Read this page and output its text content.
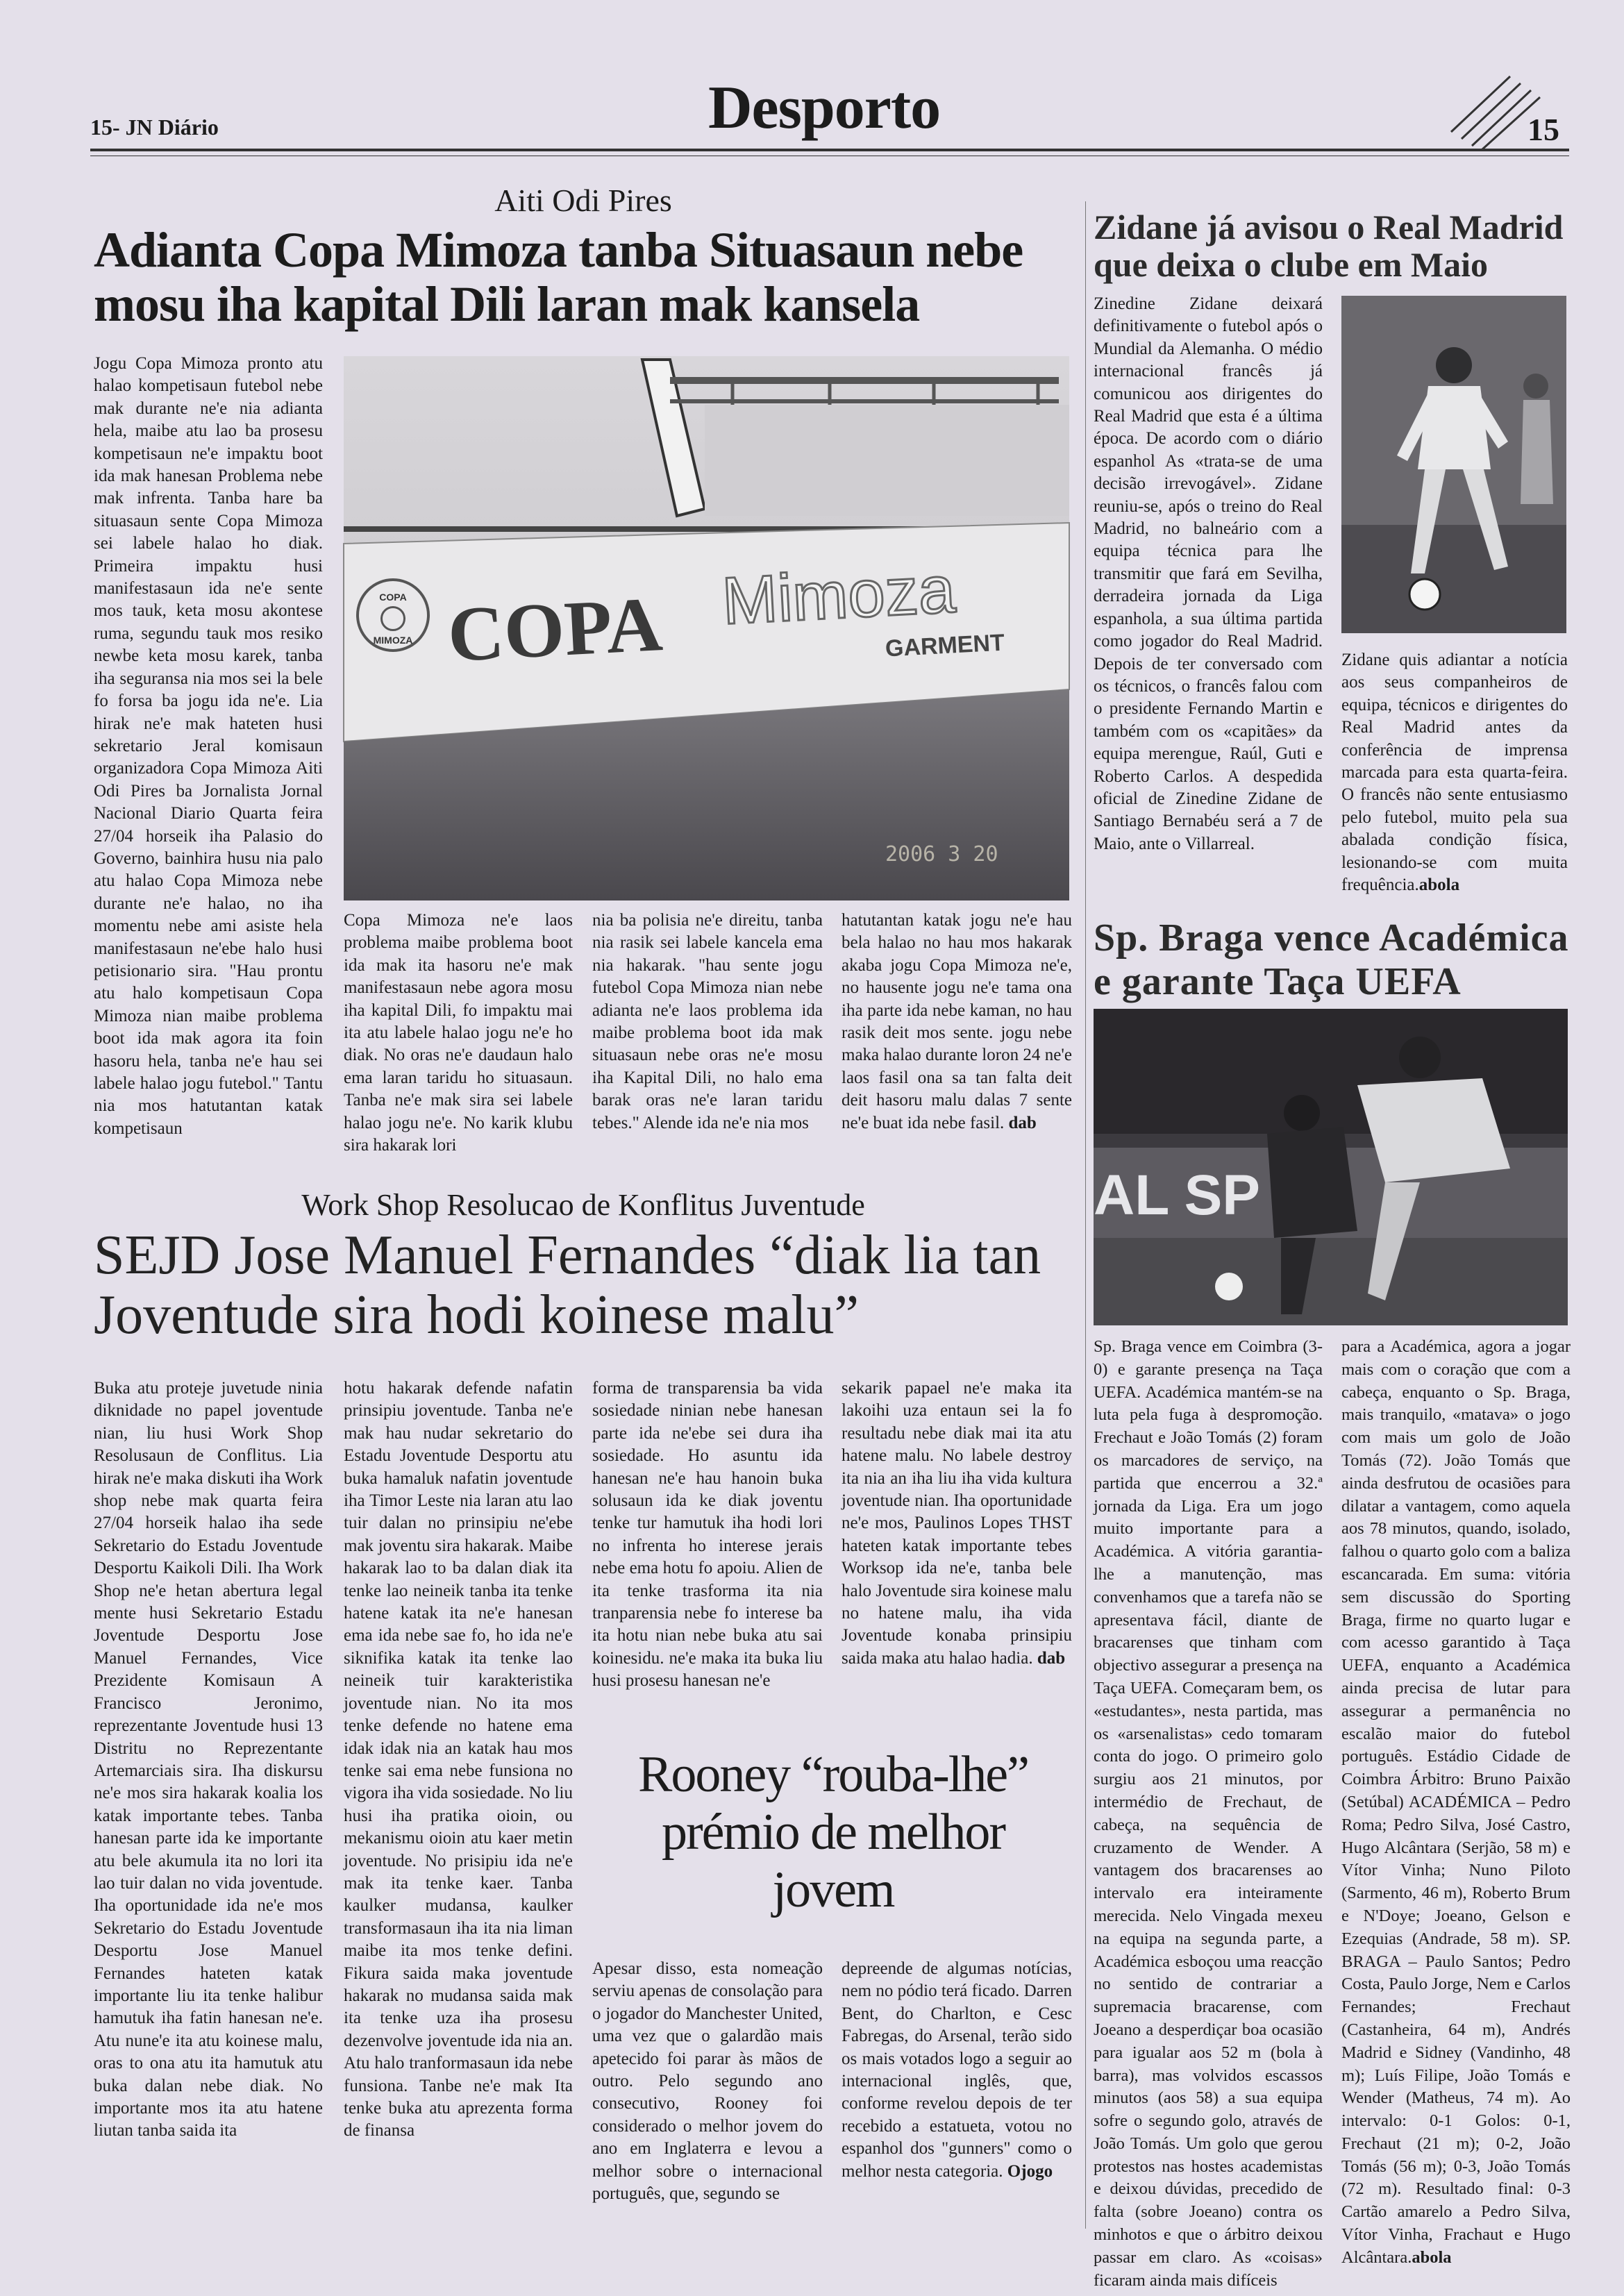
15- JN Diário	Desporto	15
Aiti Odi Pires
Adianta Copa Mimoza tanba Situasaun nebe mosu iha kapital Dili laran mak kansela

Jogu Copa Mimoza pronto atu halao kompetisaun futebol nebe mak durante ne'e nia adianta hela, maibe atu lao ba prosesu kompetisaun ne'e impaktu boot ida mak hanesan Problema nebe mak infrenta. Tanba hare ba situasaun sente Copa Mimoza sei labele halao ho diak. Primeira impaktu husi manifestasaun ida ne'e sente mos tauk, keta mosu akontese ruma, segundu tauk mos resiko newbe keta mosu karek, tanba iha seguransa nia mos sei la bele fo forsa ba jogu ida ne'e. Lia hirak ne'e mak hateten husi sekretario Jeral komisaun organizadora Copa Mimoza Aiti Odi Pires ba Jornalista Jornal Nacional Diario Quarta feira 27/04 horseik iha Palasio do Governo, bainhira husu nia palo atu halao Copa Mimoza nebe durante ne'e halao, no iha momentu nebe ami asiste hela manifestasaun ne'ebe halo husi petisionario sira. "Hau prontu atu halo kompetisaun Copa Mimoza nian maibe problema boot ida mak agora ita foin hasoru hela, tanba ne'e hau sei labele halao jogu futebol." Tantu nia mos hatutantan katak kompetisaun

COPA
MIMOZA COPA Mimoza
GARMENT
2006 3 20

Copa Mimoza ne'e laos problema maibe problema boot ida mak ita hasoru ne'e mak manifestasaun nebe agora mosu iha kapital Dili, fo impaktu mai ita atu labele halao jogu ne'e ho diak. No oras ne'e daudaun halo ema laran taridu ho situasaun. Tanba ne'e mak sira sei labele halao jogu ne'e. No karik klubu sira hakarak lori

nia ba polisia ne'e direitu, tanba nia rasik sei labele kancela ema nia hakarak. "hau sente jogu futebol Copa Mimoza nian nebe adianta ne'e laos problema ida maibe problema boot ida mak situasaun nebe oras ne'e mosu iha Kapital Dili, no halo ema barak oras ne'e laran taridu tebes." Alende ida ne'e nia mos

hatutantan katak jogu ne'e hau bela halao no hau mos hakarak akaba jogu Copa Mimoza ne'e, no hausente jogu ne'e tama ona iha parte ida nebe kaman, no hau rasik deit mos sente. jogu nebe maka halao durante loron 24 ne'e laos fasil ona sa tan falta deit deit hasoru malu dalas 7 sente ne'e buat ida nebe fasil. dab

Zidane já avisou o Real Madrid que deixa o clube em Maio

Zinedine Zidane deixará definitivamente o futebol após o Mundial da Alemanha. O médio internacional francês já comunicou aos dirigentes do Real Madrid que esta é a última época. De acordo com o diário espanhol As «trata-se de uma decisão irrevogável». Zidane reuniu-se, após o treino do Real Madrid, no balneário com a equipa técnica para lhe transmitir que fará em Sevilha, derradeira jornada da Liga espanhola, a sua última partida como jogador do Real Madrid. Depois de ter conversado com os técnicos, o francês falou com o presidente Fernando Martin e também com os «capitães» da equipa merengue, Raúl, Guti e Roberto Carlos. A despedida oficial de Zinedine Zidane de Santiago Bernabéu será a 7 de Maio, ante o Villarreal.

Zidane quis adiantar a notícia aos seus companheiros de equipa, técnicos e dirigentes do Real Madrid antes da conferência de imprensa marcada para esta quarta-feira. O francês não sente entusiasmo pelo futebol, muito pela sua abalada condição física, lesionando-se com muita frequência.abola

Sp. Braga vence Académica e garante Taça UEFA
AL SP

Sp. Braga vence em Coimbra (3-0) e garante presença na Taça UEFA. Académica mantém-se na luta pela fuga à despromoção. Frechaut e João Tomás (2) foram os marcadores de serviço, na partida que encerrou a 32.ª jornada da Liga. Era um jogo muito importante para a Académica. A vitória garantia-lhe a manutenção, mas convenhamos que a tarefa não se apresentava fácil, diante de bracarenses que tinham com objectivo assegurar a presença na Taça UEFA. Começaram bem, os «estudantes», nesta partida, mas os «arsenalistas» cedo tomaram conta do jogo. O primeiro golo surgiu aos 21 minutos, por intermédio de Frechaut, de cabeça, na sequência de cruzamento de Wender. A vantagem dos bracarenses ao intervalo era inteiramente merecida. Nelo Vingada mexeu na equipa na segunda parte, a Académica esboçou uma reacção no sentido de contrariar a supremacia bracarense, com Joeano a desperdiçar boa ocasião para igualar aos 52 m (bola à barra), mas volvidos escassos minutos (aos 58) a sua equipa sofre o segundo golo, através de João Tomás. Um golo que gerou protestos nas hostes academistas e deixou dúvidas, precedido de falta (sobre Joeano) contra os minhotos e que o árbitro deixou passar em claro. As «coisas» ficaram ainda mais difíceis

para a Académica, agora a jogar mais com o coração que com a cabeça, enquanto o Sp. Braga, mais tranquilo, «matava» o jogo com mais um golo de João Tomás (72). João Tomás que ainda desfrutou de ocasiões para dilatar a vantagem, como aquela aos 78 minutos, quando, isolado, falhou o quarto golo com a baliza escancarada. Em suma: vitória sem discussão do Sporting Braga, firme no quarto lugar e com acesso garantido à Taça UEFA, enquanto a Académica ainda precisa de lutar para assegurar a permanência no escalão maior do futebol português. Estádio Cidade de Coimbra Árbitro: Bruno Paixão (Setúbal) ACADÉMICA – Pedro Roma; Pedro Silva, José Castro, Hugo Alcântara (Serjão, 58 m) e Vítor Vinha; Nuno Piloto (Sarmento, 46 m), Roberto Brum e N'Doye; Joeano, Gelson e Ezequias (Andrade, 58 m). SP. BRAGA – Paulo Santos; Pedro Costa, Paulo Jorge, Nem e Carlos Fernandes; Frechaut (Castanheira, 64 m), Andrés Madrid e Sidney (Vandinho, 48 m); Luís Filipe, João Tomás e Wender (Matheus, 74 m). Ao intervalo: 0-1 Golos: 0-1, Frechaut (21 m); 0-2, João Tomás (56 m); 0-3, João Tomás (72 m). Resultado final: 0-3 Cartão amarelo a Pedro Silva, Vítor Vinha, Frachaut e Hugo Alcântara.abola

Work Shop Resolucao de Konflitus Juventude
SEJD Jose Manuel Fernandes “diak lia tan Joventude sira hodi koinese malu”

Buka atu proteje juvetude ninia diknidade no papel joventude nian, liu husi Work Shop Resolusaun de Conflitus. Lia hirak ne'e maka diskuti iha Work shop nebe mak quarta feira 27/04 horseik halao iha sede Sekretario do Estadu Joventude Desportu Kaikoli Dili. Iha Work Shop ne'e hetan abertura legal mente husi Sekretario Estadu Joventude Desportu Jose Manuel Fernandes, Vice Prezidente Komisaun A Francisco Jeronimo, reprezentante Joventude husi 13 Distritu no Reprezentante Artemarciais sira. Iha diskursu ne'e mos sira hakarak koalia los katak importante tebes. Tanba hanesan parte ida ke importante atu bele akumula ita no lori ita lao tuir dalan no vida joventude. Iha oportunidade ida ne'e mos Sekretario do Estadu Joventude Desportu Jose Manuel Fernandes hateten katak importante liu ita tenke halibur hamutuk iha fatin hanesan ne'e. Atu nune'e ita atu koinese malu, oras to ona atu ita hamutuk atu buka dalan nebe diak. No importante mos ita atu hatene liutan tanba saida ita

hotu hakarak defende nafatin prinsipiu joventude. Tanba ne'e mak hau nudar sekretario do Estadu Joventude Desportu atu buka hamaluk nafatin joventude iha Timor Leste nia laran atu lao tuir dalan no prinsipiu ne'ebe mak joventu sira hakarak. Maibe hakarak lao to ba dalan diak ita tenke lao neineik tanba ita tenke hatene katak ita ne'e hanesan ema ida nebe sae fo, ho ida ne'e siknifika katak ita tenke lao neineik tuir karakteristika joventude nian. No ita mos tenke defende no hatene ema idak idak nia an katak hau mos tenke sai ema nebe funsiona no vigora iha vida sosiedade. No liu husi iha pratika oioin, ou mekanismu oioin atu kaer metin joventude. No prisipiu ida ne'e mak ita tenke kaer. Tanba kaulker mudansa, kaulker transformasaun iha ita nia liman maibe ita mos tenke defini. Fikura saida maka joventude hakarak no mudansa saida mak ita tenke uza iha prosesu dezenvolve joventude ida nia an. Atu halo tranformasaun ida nebe funsiona. Tanbe ne'e mak Ita tenke buka atu aprezenta forma de finansa

forma de transparensia ba vida sosiedade ninian nebe hanesan parte ida ne'ebe sei dura iha sosiedade. Ho asuntu ida hanesan ne'e hau hanoin buka solusaun ida ke diak joventu tenke tur hamutuk iha hodi lori no infrenta ho interese jerais nebe ema hotu fo apoiu. Alien de ita tenke trasforma ita nia tranparensia nebe fo interese ba ita hotu nian nebe buka atu sai koinesidu. ne'e maka ita buka liu husi prosesu hanesan ne'e

sekarik papael ne'e maka ita lakoihi uza entaun sei la fo resultadu nebe diak mai ita atu hatene malu. No labele destroy ita nia an iha liu iha vida kultura joventude nian. Iha oportunidade ne'e mos, Paulinos Lopes THST hateten katak importante tebes Worksop ida ne'e, tanba bele halo Joventude sira koinese malu no hatene malu, iha vida Joventude konaba prinsipiu saida maka atu halao hadia. dab

Rooney “rouba-lhe” prémio de melhor jovem

Apesar disso, esta nomeação serviu apenas de consolação para o jogador do Manchester United, uma vez que o galardão mais apetecido foi parar às mãos de outro. Pelo segundo ano consecutivo, Rooney foi considerado o melhor jovem do ano em Inglaterra e levou a melhor sobre o internacional português, que, segundo se

depreende de algumas notícias, nem no pódio terá ficado. Darren Bent, do Charlton, e Cesc Fabregas, do Arsenal, terão sido os mais votados logo a seguir ao internacional inglês, que, conforme revelou depois de ter recebido a estatueta, votou no espanhol dos "gunners" como o melhor nesta categoria. Ojogo
